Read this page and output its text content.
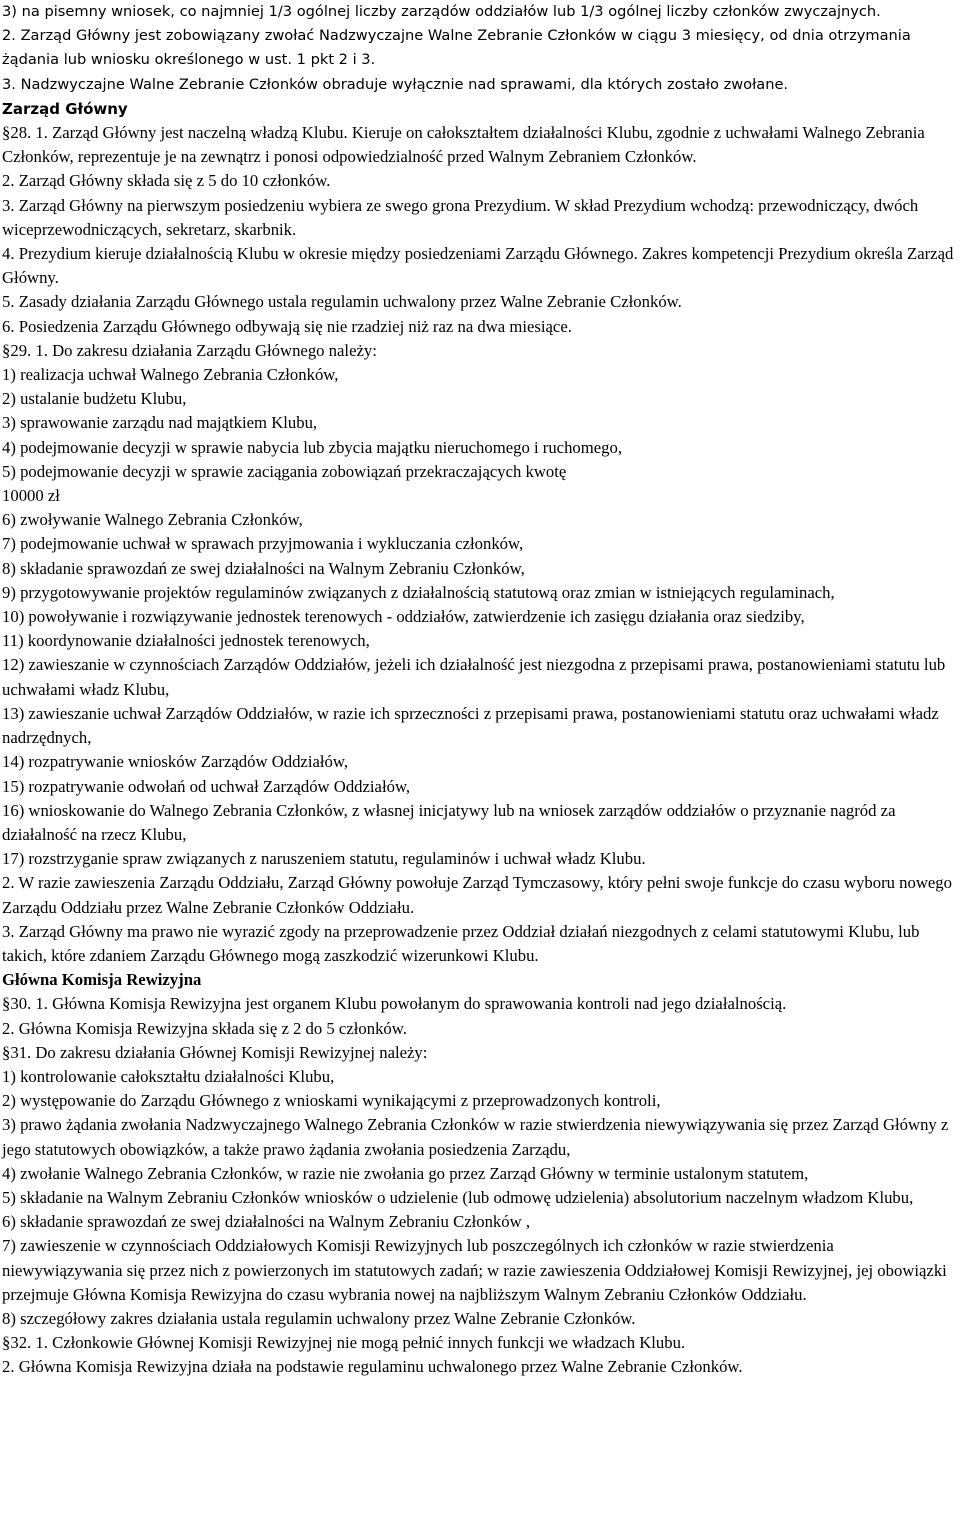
3) na pisemny wniosek, co najmniej 1/3 ogólnej liczby zarządów oddziałów lub 1/3 ogólnej liczby członków zwyczajnych.

2. Zarząd Główny jest zobowiązany zwołać Nadzwyczajne Walne Zebranie Członków w ciągu 3 miesięcy, od dnia otrzymania żądania lub wniosku określonego w ust. 1 pkt 2 i 3.

3. Nadzwyczajne Walne Zebranie Członków obraduje wyłącznie nad sprawami, dla których zostało zwołane.

Zarząd Główny

§28. 1. Zarząd Główny jest naczelną władzą Klubu. Kieruje on całokształtem działalności Klubu, zgodnie z uchwałami Walnego Zebrania Członków, reprezentuje je na zewnątrz i ponosi odpowiedzialność przed Walnym Zebraniem Członków.

2. Zarząd Główny składa się z 5 do 10 członków.

3. Zarząd Główny na pierwszym posiedzeniu wybiera ze swego grona Prezydium. W skład Prezydium wchodzą: przewodniczący, dwóch wiceprzewodniczących, sekretarz, skarbnik.

4. Prezydium kieruje działalnością Klubu w okresie między posiedzeniami Zarządu Głównego. Zakres kompetencji Prezydium określa Zarząd Główny.

5. Zasady działania Zarządu Głównego ustala regulamin uchwalony przez Walne Zebranie Członków.

6. Posiedzenia Zarządu Głównego odbywają się nie rzadziej niż raz na dwa miesiące.

§29. 1. Do zakresu działania Zarządu Głównego należy:

1) realizacja uchwał Walnego Zebrania Członków,

2) ustalanie budżetu Klubu,

3) sprawowanie zarządu nad majątkiem Klubu,

4) podejmowanie decyzji w sprawie nabycia lub zbycia majątku nieruchomego i ruchomego,

5) podejmowanie decyzji w sprawie zaciągania zobowiązań przekraczających kwotę

10000 zł

6) zwoływanie Walnego Zebrania Członków,

7) podejmowanie uchwał w sprawach przyjmowania i wykluczania członków,

8) składanie sprawozdań ze swej działalności na Walnym Zebraniu Członków,

9) przygotowywanie projektów regulaminów związanych z działalnością statutową oraz zmian w istniejących regulaminach,

10) powoływanie i rozwiązywanie jednostek terenowych - oddziałów, zatwierdzenie ich zasięgu działania oraz siedziby,

11) koordynowanie działalności jednostek terenowych,

12) zawieszanie w czynnościach Zarządów Oddziałów, jeżeli ich działalność jest niezgodna z przepisami prawa, postanowieniami statutu lub uchwałami władz Klubu,

13) zawieszanie uchwał Zarządów Oddziałów, w razie ich sprzeczności z przepisami prawa, postanowieniami statutu oraz uchwałami władz nadrzędnych,

14) rozpatrywanie wniosków Zarządów Oddziałów,

15) rozpatrywanie odwołań od uchwał Zarządów Oddziałów,

16) wnioskowanie do Walnego Zebrania Członków, z własnej inicjatywy lub na wniosek zarządów oddziałów o przyznanie nagród za działalność na rzecz Klubu,

17) rozstrzyganie spraw związanych z naruszeniem statutu, regulaminów i uchwał władz Klubu.

2. W razie zawieszenia Zarządu Oddziału, Zarząd Główny powołuje Zarząd Tymczasowy, który pełni swoje funkcje do czasu wyboru nowego Zarządu Oddziału przez Walne Zebranie Członków Oddziału.

3. Zarząd Główny ma prawo nie wyrazić zgody na przeprowadzenie przez Oddział działań niezgodnych z celami statutowymi Klubu, lub takich, które zdaniem Zarządu Głównego mogą zaszkodzić wizerunkowi Klubu.

Główna Komisja Rewizyjna

§30. 1. Główna Komisja Rewizyjna jest organem Klubu powołanym do sprawowania kontroli nad jego działalnością.

2. Główna Komisja Rewizyjna składa się z 2 do 5 członków.

§31. Do zakresu działania Głównej Komisji Rewizyjnej należy:

1) kontrolowanie całokształtu działalności Klubu,

2) występowanie do Zarządu Głównego z wnioskami wynikającymi z przeprowadzonych kontroli,

3) prawo żądania zwołania Nadzwyczajnego Walnego Zebrania Członków w razie stwierdzenia niewywiązywania się przez Zarząd Główny z jego statutowych obowiązków, a także prawo żądania zwołania posiedzenia Zarządu,

4) zwołanie Walnego Zebrania Członków, w razie nie zwołania go przez Zarząd Główny w terminie ustalonym statutem,

5) składanie na Walnym Zebraniu Członków wniosków o udzielenie (lub odmowę udzielenia) absolutorium naczelnym władzom Klubu,

6) składanie sprawozdań ze swej działalności na Walnym Zebraniu Członków ,

7) zawieszenie w czynnościach Oddziałowych Komisji Rewizyjnych lub poszczególnych ich członków w razie stwierdzenia niewywiązywania się przez nich z powierzonych im statutowych zadań; w razie zawieszenia Oddziałowej Komisji Rewizyjnej, jej obowiązki przejmuje Główna Komisja Rewizyjna do czasu wybrania nowej na najbliższym Walnym Zebraniu Członków Oddziału.

8) szczegółowy zakres działania ustala regulamin uchwalony przez Walne Zebranie Członków.

§32. 1. Członkowie Głównej Komisji Rewizyjnej nie mogą pełnić innych funkcji we władzach Klubu.

2. Główna Komisja Rewizyjna działa na podstawie regulaminu uchwalonego przez Walne Zebranie Członków.
